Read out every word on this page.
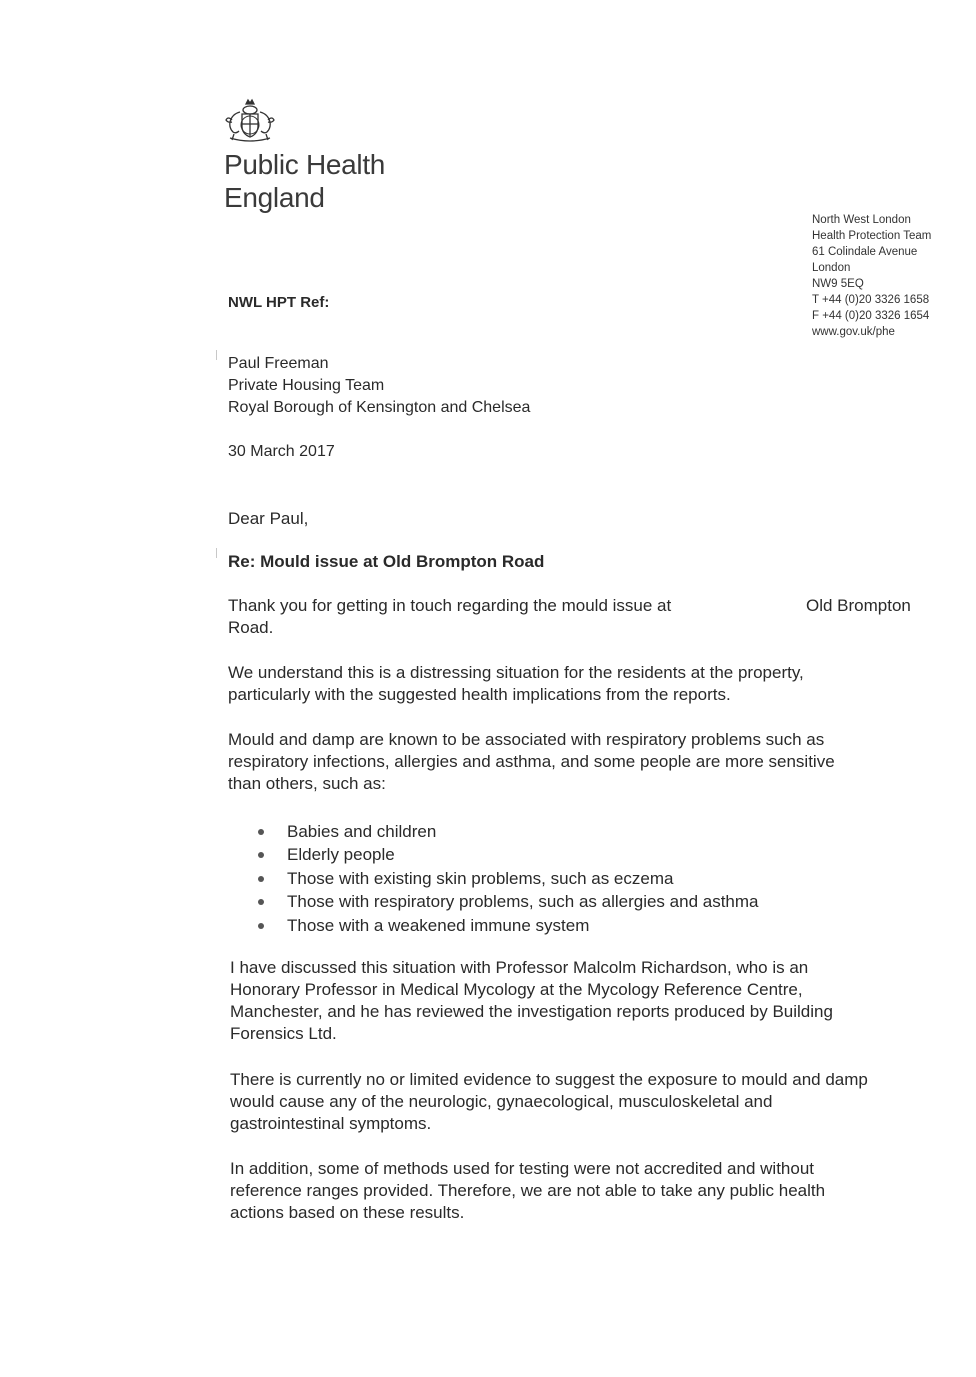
Public Health
England
North West London
Health Protection Team
61 Colindale Avenue
London
NW9 5EQ
T +44 (0)20 3326 1658
F +44 (0)20 3326 1654
www.gov.uk/phe
NWL HPT Ref:
Paul Freeman
Private Housing Team
Royal Borough of Kensington and Chelsea
30 March 2017
Dear Paul,
Re: Mould issue at Old Brompton Road
Thank you for getting in touch regarding the mould issue at
Road.
Old Brompton
We understand this is a distressing situation for the residents at the property,
particularly with the suggested health implications from the reports.
Mould and damp are known to be associated with respiratory problems such as
respiratory infections, allergies and asthma, and some people are more sensitive
than others, such as:
Babies and children
Elderly people
Those with existing skin problems, such as eczema
Those with respiratory problems, such as allergies and asthma
Those with a weakened immune system
I have discussed this situation with Professor Malcolm Richardson, who is an
Honorary Professor in Medical Mycology at the Mycology Reference Centre,
Manchester, and he has reviewed the investigation reports produced by Building
Forensics Ltd.
There is currently no or limited evidence to suggest the exposure to mould and damp
would cause any of the neurologic, gynaecological, musculoskeletal and
gastrointestinal symptoms.
In addition, some of methods used for testing were not accredited and without
reference ranges provided. Therefore, we are not able to take any public health
actions based on these results.
